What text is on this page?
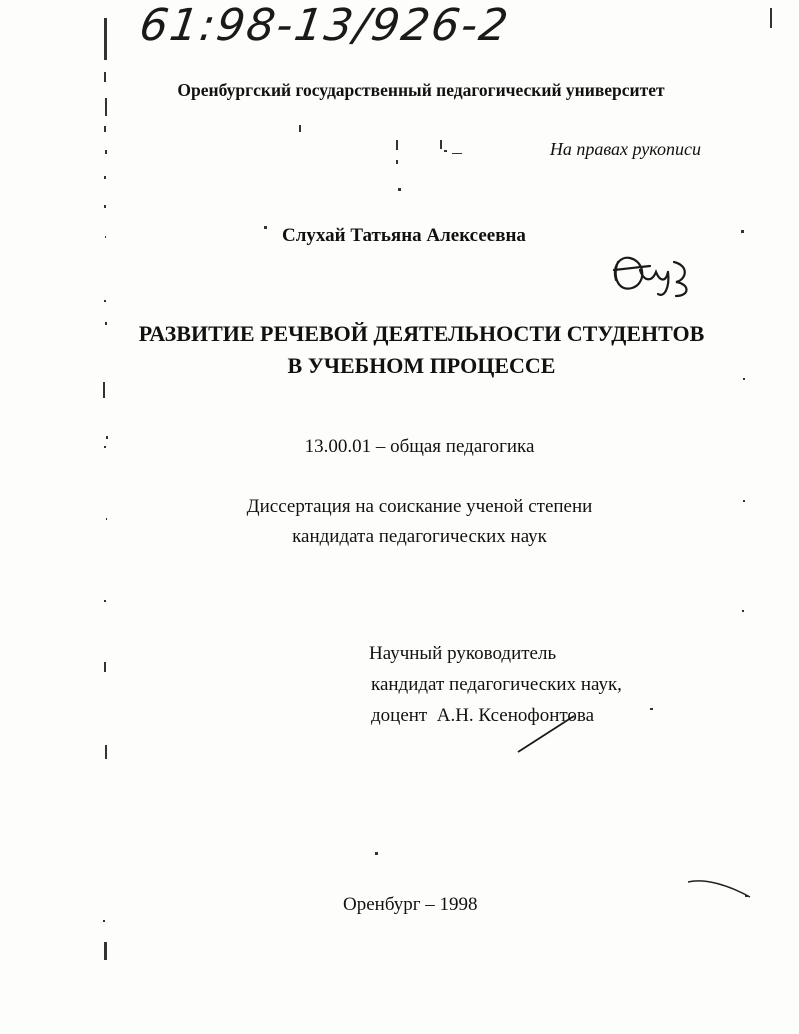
61:98-13/926-2
Оренбургский государственный педагогический университет
На правах рукописи
Слухай Татьяна Алексеевна
РАЗВИТИЕ РЕЧЕВОЙ ДЕЯТЕЛЬНОСТИ СТУДЕНТОВ
В УЧЕБНОМ ПРОЦЕССЕ
13.00.01 – общая педагогика
Диссертация на соискание ученой степени
кандидата педагогических наук
Научный руководитель
кандидат педагогических наук,
доцент  А.Н. Ксенофонтова
Оренбург – 1998
